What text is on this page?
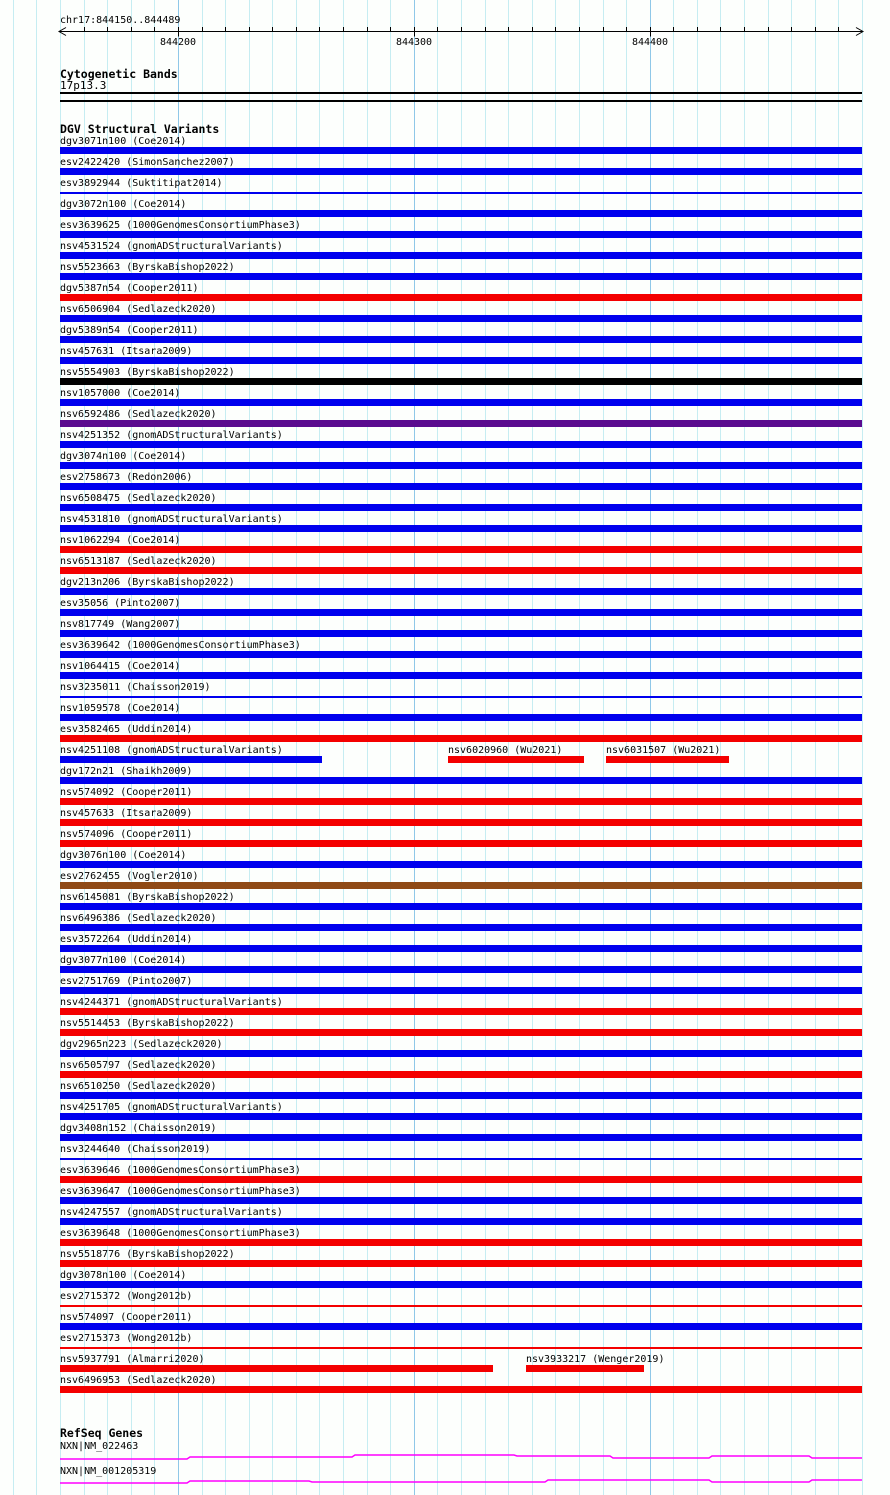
chr17:844150..844489
844200	844300	844400
Cytogenetic Bands
17p13.3
DGV Structural Variants
dgv3071n100 (Coe2014)
esv2422420 (SimonSanchez2007)
esv3892944 (Suktitipat2014)
dgv3072n100 (Coe2014)
esv3639625 (1000GenomesConsortiumPhase3)
nsv4531524 (gnomADStructuralVariants)
nsv5523663 (ByrskaBishop2022)
dgv5387n54 (Cooper2011)
nsv6506904 (Sedlazeck2020)
dgv5389n54 (Cooper2011)
nsv457631 (Itsara2009)
nsv5554903 (ByrskaBishop2022)
nsv1057000 (Coe2014)
nsv6592486 (Sedlazeck2020)
nsv4251352 (gnomADStructuralVariants)
dgv3074n100 (Coe2014)
esv2758673 (Redon2006)
nsv6508475 (Sedlazeck2020)
nsv4531810 (gnomADStructuralVariants)
nsv1062294 (Coe2014)
nsv6513187 (Sedlazeck2020)
dgv213n206 (ByrskaBishop2022)
esv35056 (Pinto2007)
nsv817749 (Wang2007)
esv3639642 (1000GenomesConsortiumPhase3)
nsv1064415 (Coe2014)
nsv3235011 (Chaisson2019)
nsv1059578 (Coe2014)
esv3582465 (Uddin2014)
nsv4251108 (gnomADStructuralVariants)	nsv6020960 (Wu2021)	nsv6031507 (Wu2021)
dgv172n21 (Shaikh2009)
nsv574092 (Cooper2011)
nsv457633 (Itsara2009)
nsv574096 (Cooper2011)
dgv3076n100 (Coe2014)
esv2762455 (Vogler2010)
nsv6145081 (ByrskaBishop2022)
nsv6496386 (Sedlazeck2020)
esv3572264 (Uddin2014)
dgv3077n100 (Coe2014)
esv2751769 (Pinto2007)
nsv4244371 (gnomADStructuralVariants)
nsv5514453 (ByrskaBishop2022)
dgv2965n223 (Sedlazeck2020)
nsv6505797 (Sedlazeck2020)
nsv6510250 (Sedlazeck2020)
nsv4251705 (gnomADStructuralVariants)
dgv3408n152 (Chaisson2019)
nsv3244640 (Chaisson2019)
esv3639646 (1000GenomesConsortiumPhase3)
esv3639647 (1000GenomesConsortiumPhase3)
nsv4247557 (gnomADStructuralVariants)
esv3639648 (1000GenomesConsortiumPhase3)
nsv5518776 (ByrskaBishop2022)
dgv3078n100 (Coe2014)
esv2715372 (Wong2012b)
nsv574097 (Cooper2011)
esv2715373 (Wong2012b)
nsv5937791 (Almarri2020)	nsv3933217 (Wenger2019)
nsv6496953 (Sedlazeck2020)
RefSeq Genes
NXN|NM_022463
NXN|NM_001205319
